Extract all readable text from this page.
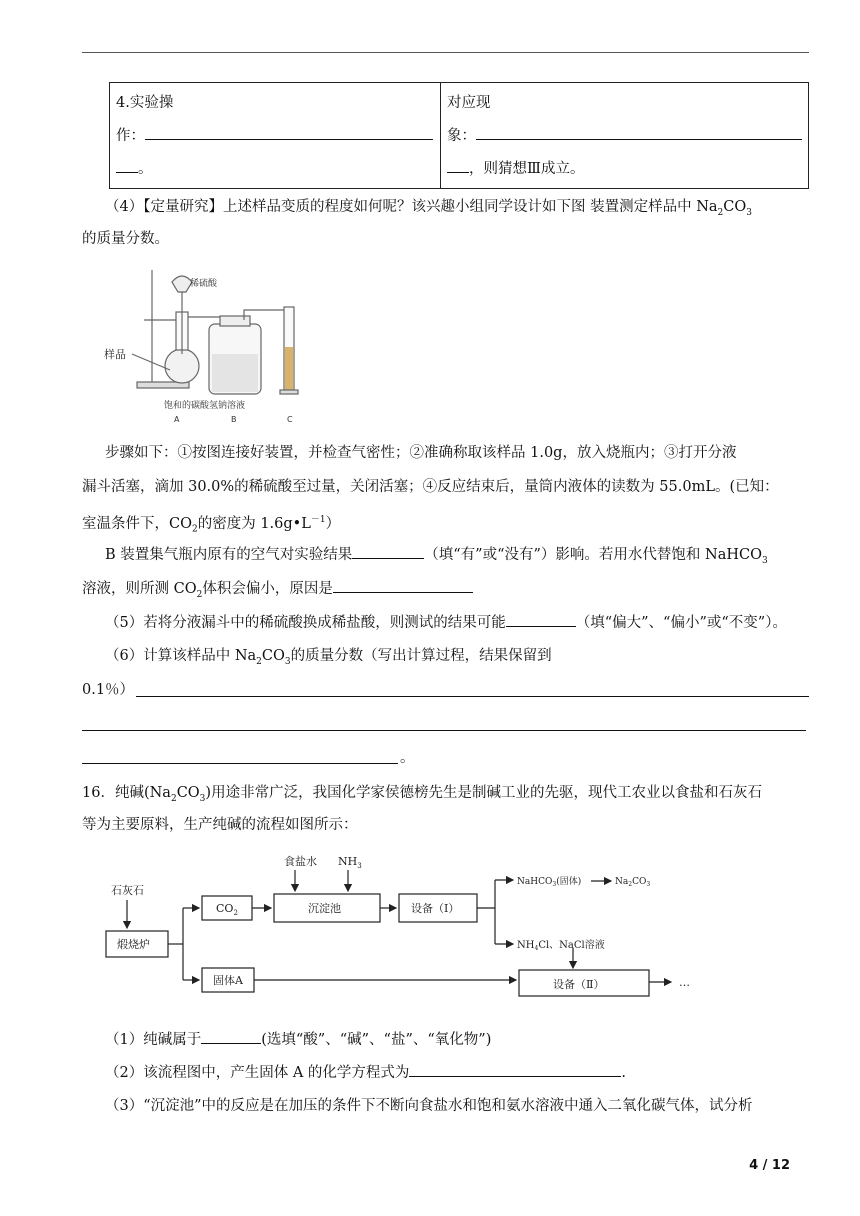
4.实验操
作：
。

对应现
象：
，则猜想Ⅲ成立。
（4）【定量研究】上述样品变质的程度如何呢？该兴趣小组同学设计如下图 装置测定样品中 $Na_2CO_3$
的质量分数。
稀硫酸
样品
饱和的碳酸氢钠溶液
A	B	C
步骤如下：①按图连接好装置，并检查气密性；②准确称取该样品 1.0g，放入烧瓶内；③打开分液
漏斗活塞，滴加 30.0%的稀硫酸至过量，关闭活塞；④反应结束后，量筒内液体的读数为 55.0mL。(已知：
室温条件下，$CO_2$的密度为 $1.6g•L^{-1}$）
B 装置集气瓶内原有的空气对实验结果	（填“有”或“没有”）影响。若用水代替饱和 NaHCO$_3$
溶液，则所测 $CO_2$体积会偏小，原因是
（5）若将分液漏斗中的稀硫酸换成稀盐酸，则测试的结果可能	（填“偏大”、“偏小”或“不变”）。
（6）计算该样品中 $Na_2CO_3$的质量分数（写出计算过程，结果保留到
0.1％）
。
16．纯碱$(Na_2CO_3)$用途非常广泛，我国化学家侯德榜先生是制碱工业的先驱，现代工农业以食盐和石灰石
等为主要原料，生产纯碱的流程如图所示：
石灰石
食盐水 $NH_3$
煅烧炉
$CO_2$	沉淀池	设备（Ⅰ）
NaHCO$_3$(固体)	$Na_2CO_3$
$NH_4Cl$、NaCl溶液
固体A	设备（Ⅱ）	…
（1）纯碱属于	(选填“酸”、“碱”、“盐”、“氧化物”)
（2）该流程图中，产生固体 A 的化学方程式为	.
（3）“沉淀池”中的反应是在加压的条件下不断向食盐水和饱和氨水溶液中通入二氧化碳气体，试分析
4 / 12
